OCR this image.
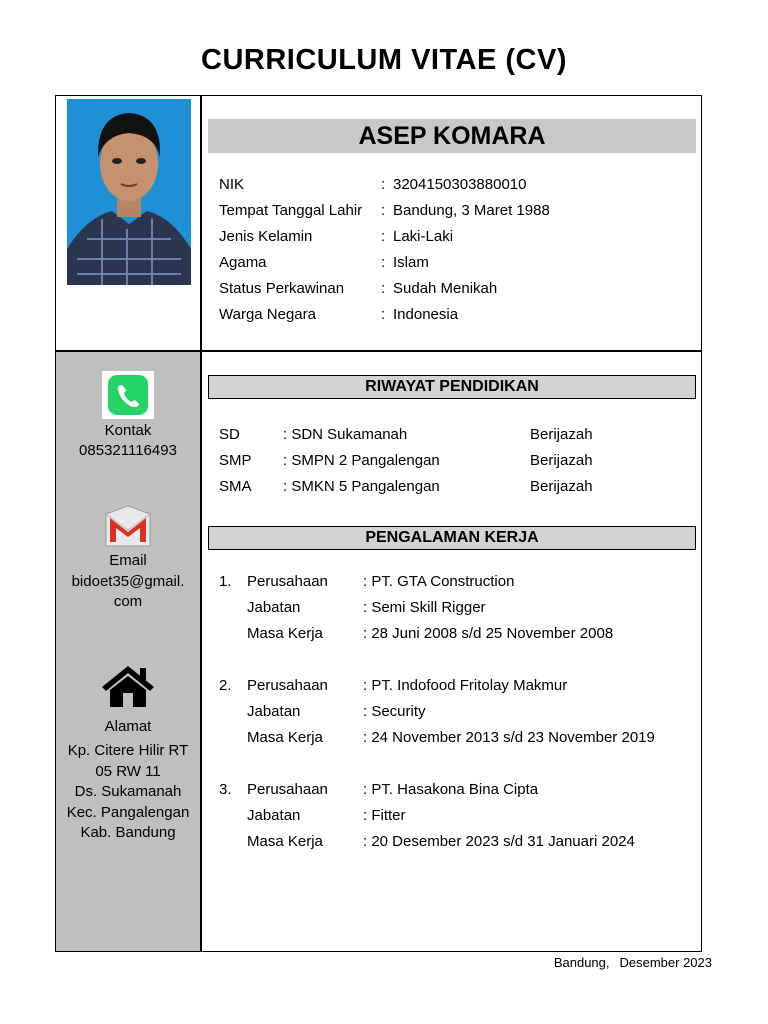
CURRICULUM VITAE (CV)
ASEP KOMARA
NIK	: 3204150303880010
Tempat Tanggal Lahir	: Bandung, 3 Maret 1988
Jenis Kelamin	: Laki-Laki
Agama	: Islam
Status Perkawinan	: Sudah Menikah
Warga Negara	: Indonesia
Kontak
085321116493
Email
bidoet35@gmail.
com
Alamat
Kp. Citere Hilir RT
05 RW 11
Ds. Sukamanah
Kec. Pangalengan
Kab. Bandung
RIWAYAT PENDIDIKAN
SD	: SDN Sukamanah	Berijazah
SMP : SMPN 2 Pangalengan	Berijazah
SMA : SMKN 5 Pangalengan	Berijazah
PENGALAMAN KERJA
1. Perusahaan : PT. GTA Construction
Jabatan	: Semi Skill Rigger
Masa Kerja	: 28 Juni 2008 s/d 25 November 2008
2. Perusahaan : PT. Indofood Fritolay Makmur
Jabatan	: Security
Masa Kerja	: 24 November 2013 s/d 23 November 2019
3. Perusahaan : PT. Hasakona Bina Cipta
Jabatan	: Fitter
Masa Kerja	: 20 Desember 2023 s/d 31 Januari 2024
Bandung, Desember 2023
